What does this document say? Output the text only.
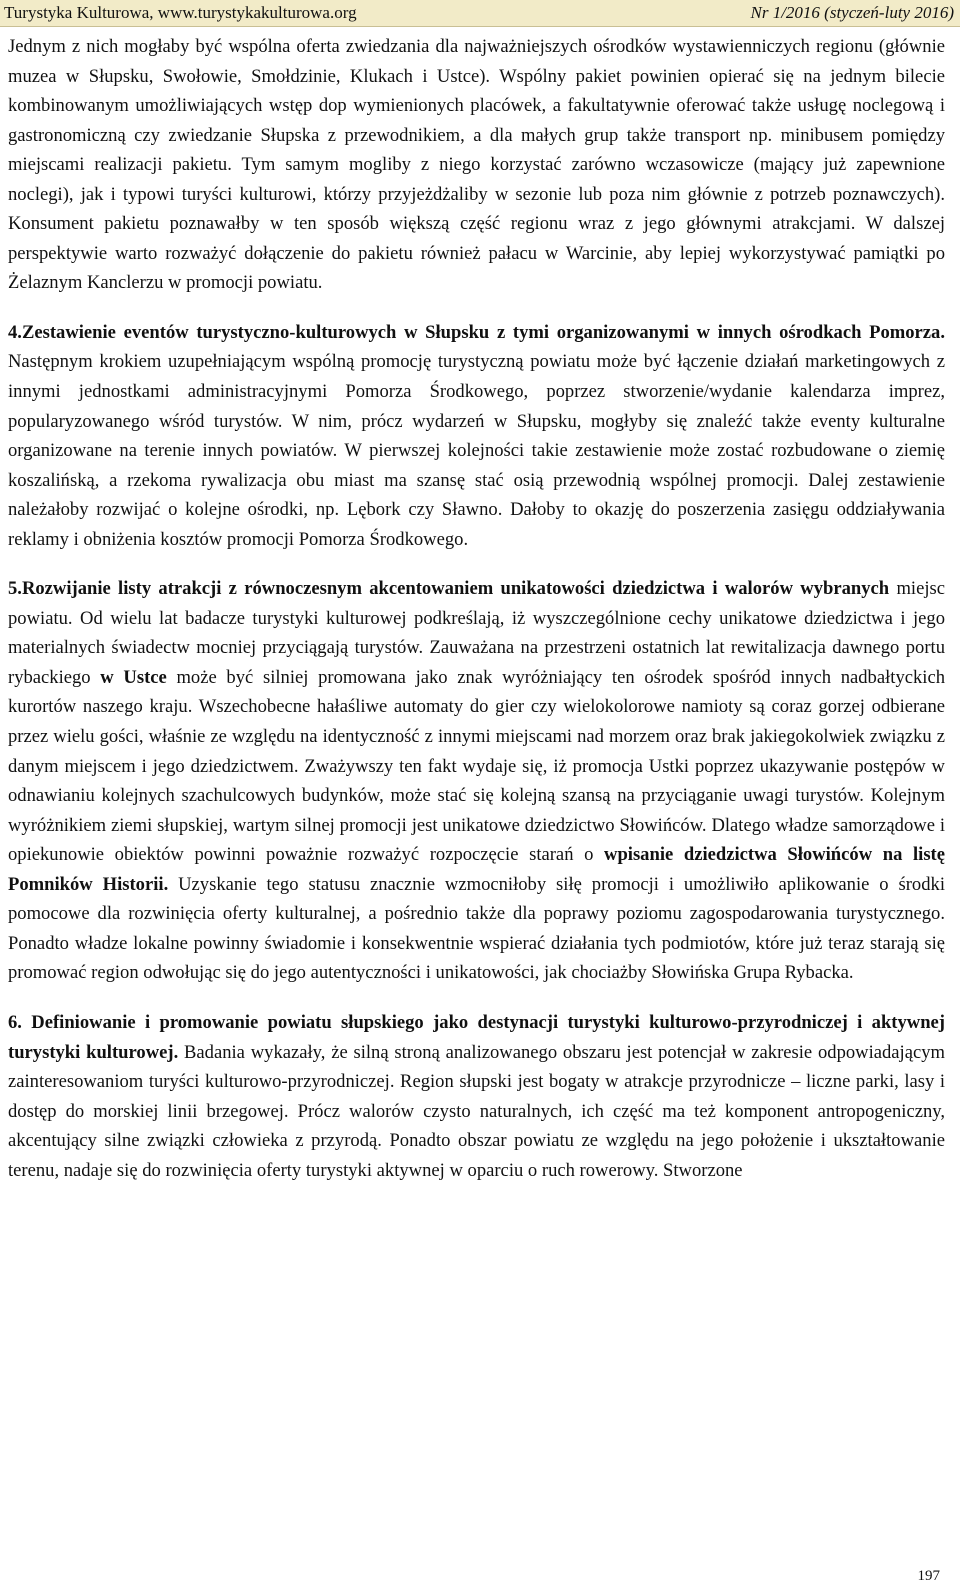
Turystyka Kulturowa, www.turystykakulturowa.org	Nr 1/2016 (styczeń-luty 2016)

Jednym z nich mogłaby być wspólna oferta zwiedzania dla najważniejszych ośrodków wystawienniczych regionu (głównie muzea w Słupsku, Swołowie, Smołdzinie, Klukach i Ustce). Wspólny pakiet powinien opierać się na jednym bilecie kombinowanym umożliwiających wstęp dop wymienionych placówek, a fakultatywnie oferować także usługę noclegową i gastronomiczną czy zwiedzanie Słupska z przewodnikiem, a dla małych grup także transport np. minibusem pomiędzy miejscami realizacji pakietu. Tym samym mogliby z niego korzystać zarówno wczasowicze (mający już zapewnione noclegi), jak i typowi turyści kulturowi, którzy przyjeżdżaliby w sezonie lub poza nim głównie z potrzeb poznawczych). Konsument pakietu poznawałby w ten sposób większą część regionu wraz z jego głównymi atrakcjami. W dalszej perspektywie warto rozważyć dołączenie do pakietu również pałacu w Warcinie, aby lepiej wykorzystywać pamiątki po Żelaznym Kanclerzu w promocji powiatu.

4.Zestawienie eventów turystyczno-kulturowych w Słupsku z tymi organizowanymi w innych ośrodkach Pomorza. Następnym krokiem uzupełniającym wspólną promocję turystyczną powiatu może być łączenie działań marketingowych z innymi jednostkami administracyjnymi Pomorza Środkowego, poprzez stworzenie/wydanie kalendarza imprez, popularyzowanego wśród turystów. W nim, prócz wydarzeń w Słupsku, mogłyby się znaleźć także eventy kulturalne organizowane na terenie innych powiatów. W pierwszej kolejności takie zestawienie może zostać rozbudowane o ziemię koszalińską, a rzekoma rywalizacja obu miast ma szansę stać osią przewodnią wspólnej promocji. Dalej zestawienie należałoby rozwijać o kolejne ośrodki, np. Lębork czy Sławno. Dałoby to okazję do poszerzenia zasięgu oddziaływania reklamy i obniżenia kosztów promocji Pomorza Środkowego.

5.Rozwijanie listy atrakcji z równoczesnym akcentowaniem unikatowości dziedzictwa i walorów wybranych miejsc powiatu. Od wielu lat badacze turystyki kulturowej podkreślają, iż wyszczególnione cechy unikatowe dziedzictwa i jego materialnych świadectw mocniej przyciągają turystów. Zauważana na przestrzeni ostatnich lat rewitalizacja dawnego portu rybackiego w Ustce może być silniej promowana jako znak wyróżniający ten ośrodek spośród innych nadbałtyckich kurortów naszego kraju. Wszechobecne hałaśliwe automaty do gier czy wielokolorowe namioty są coraz gorzej odbierane przez wielu gości, właśnie ze względu na identyczność z innymi miejscami nad morzem oraz brak jakiegokolwiek związku z danym miejscem i jego dziedzictwem. Zważywszy ten fakt wydaje się, iż promocja Ustki poprzez ukazywanie postępów w odnawianiu kolejnych szachulcowych budynków, może stać się kolejną szansą na przyciąganie uwagi turystów. Kolejnym wyróżnikiem ziemi słupskiej, wartym silnej promocji jest unikatowe dziedzictwo Słowińców. Dlatego władze samorządowe i opiekunowie obiektów powinni poważnie rozważyć rozpoczęcie starań o wpisanie dziedzictwa Słowińców na listę Pomników Historii. Uzyskanie tego statusu znacznie wzmocniłoby siłę promocji i umożliwiło aplikowanie o środki pomocowe dla rozwinięcia oferty kulturalnej, a pośrednio także dla poprawy poziomu zagospodarowania turystycznego. Ponadto władze lokalne powinny świadomie i konsekwentnie wspierać działania tych podmiotów, które już teraz starają się promować region odwołując się do jego autentyczności i unikatowości, jak chociażby Słowińska Grupa Rybacka.

6. Definiowanie i promowanie powiatu słupskiego jako destynacji turystyki kulturowo-przyrodniczej i aktywnej turystyki kulturowej. Badania wykazały, że silną stroną analizowanego obszaru jest potencjał w zakresie odpowiadającym zainteresowaniom turyści kulturowo-przyrodniczej. Region słupski jest bogaty w atrakcje przyrodnicze – liczne parki, lasy i dostęp do morskiej linii brzegowej. Prócz walorów czysto naturalnych, ich część ma też komponent antropogeniczny, akcentujący silne związki człowieka z przyrodą. Ponadto obszar powiatu ze względu na jego położenie i ukształtowanie terenu, nadaje się do rozwinięcia oferty turystyki aktywnej w oparciu o ruch rowerowy. Stworzone

197
